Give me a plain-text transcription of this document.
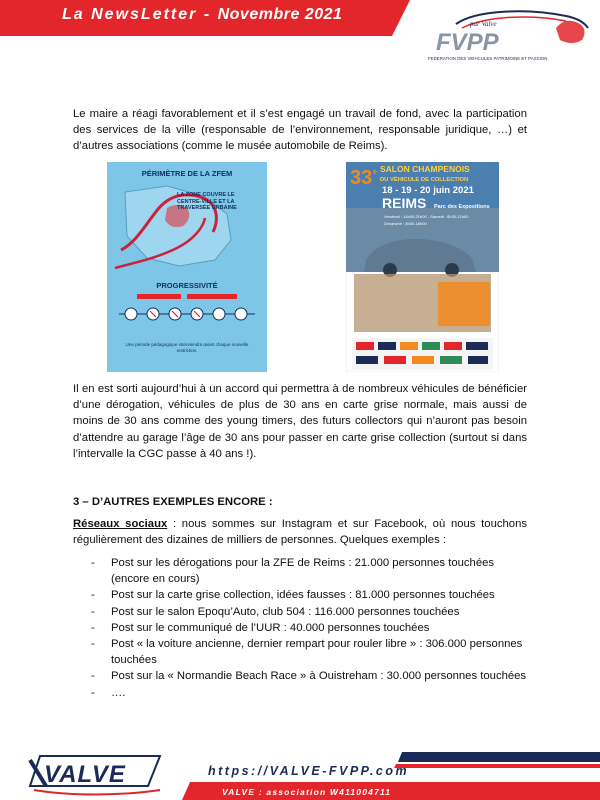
La NewsLetter - Novembre 2021
par Valve
FVPP
FEDERATION DES VEHICULES PATRIMOINE ET PASSION

Le maire a réagi favorablement et il s’est engagé un travail de fond, avec la participation des services de la ville (responsable de l’environnement, responsable juridique, …) et d’autres associations (comme le musée automobile de Reims).

Il en est sorti aujourd’hui à un accord qui permettra à de nombreux véhicules de bénéficier d’une dérogation, véhicules de plus de 30 ans en carte grise normale, mais aussi de moins de 30 ans comme des young timers, des futurs collectors qui n’auront pas besoin d’attendre au garage l’âge de 30 ans pour passer en carte grise collection (surtout si dans l’intervalle la CGC passe à 40 ans !).

3 – D’AUTRES EXEMPLES ENCORE :

Réseaux sociaux : nous sommes sur Instagram et sur Facebook, où nous touchons régulièrement des dizaines de milliers de personnes. Quelques exemples :

- Post sur les dérogations pour la ZFE de Reims : 21.000 personnes touchées (encore en cours)
- Post sur la carte grise collection, idées fausses : 81.000 personnes touchées
- Post sur le salon Epoqu’Auto, club 504 : 116.000 personnes touchées
- Post sur le communiqué de l’UUR : 40.000 personnes touchées
- Post « la voiture ancienne, dernier rempart pour rouler libre » : 306.000 personnes touchées
- Post sur la « Normandie Beach Race » à Ouistreham : 30.000 personnes touchées
- ….
PÉRIMÈTRE DE LA ZFEM
LA ZONE COUVRE LE CENTRE-VILLE ET LA TRAVERSÉE URBAINE
PROGRESSIVITÉ
Une période pédagogique interviendra avant chaque nouvelle restriction.
33 e SALON CHAMPENOIS
DU VÉHICULE DE COLLECTION
18 - 19 - 20 juin 2021
REIMS Parc des Expositions
Vendredi : 14h00-21h00 - Samedi : 8h30-21h00
Dimanche : 8h30-18h00
VALVE	https://VALVE-FVPP.com
VALVE : association W411004711
